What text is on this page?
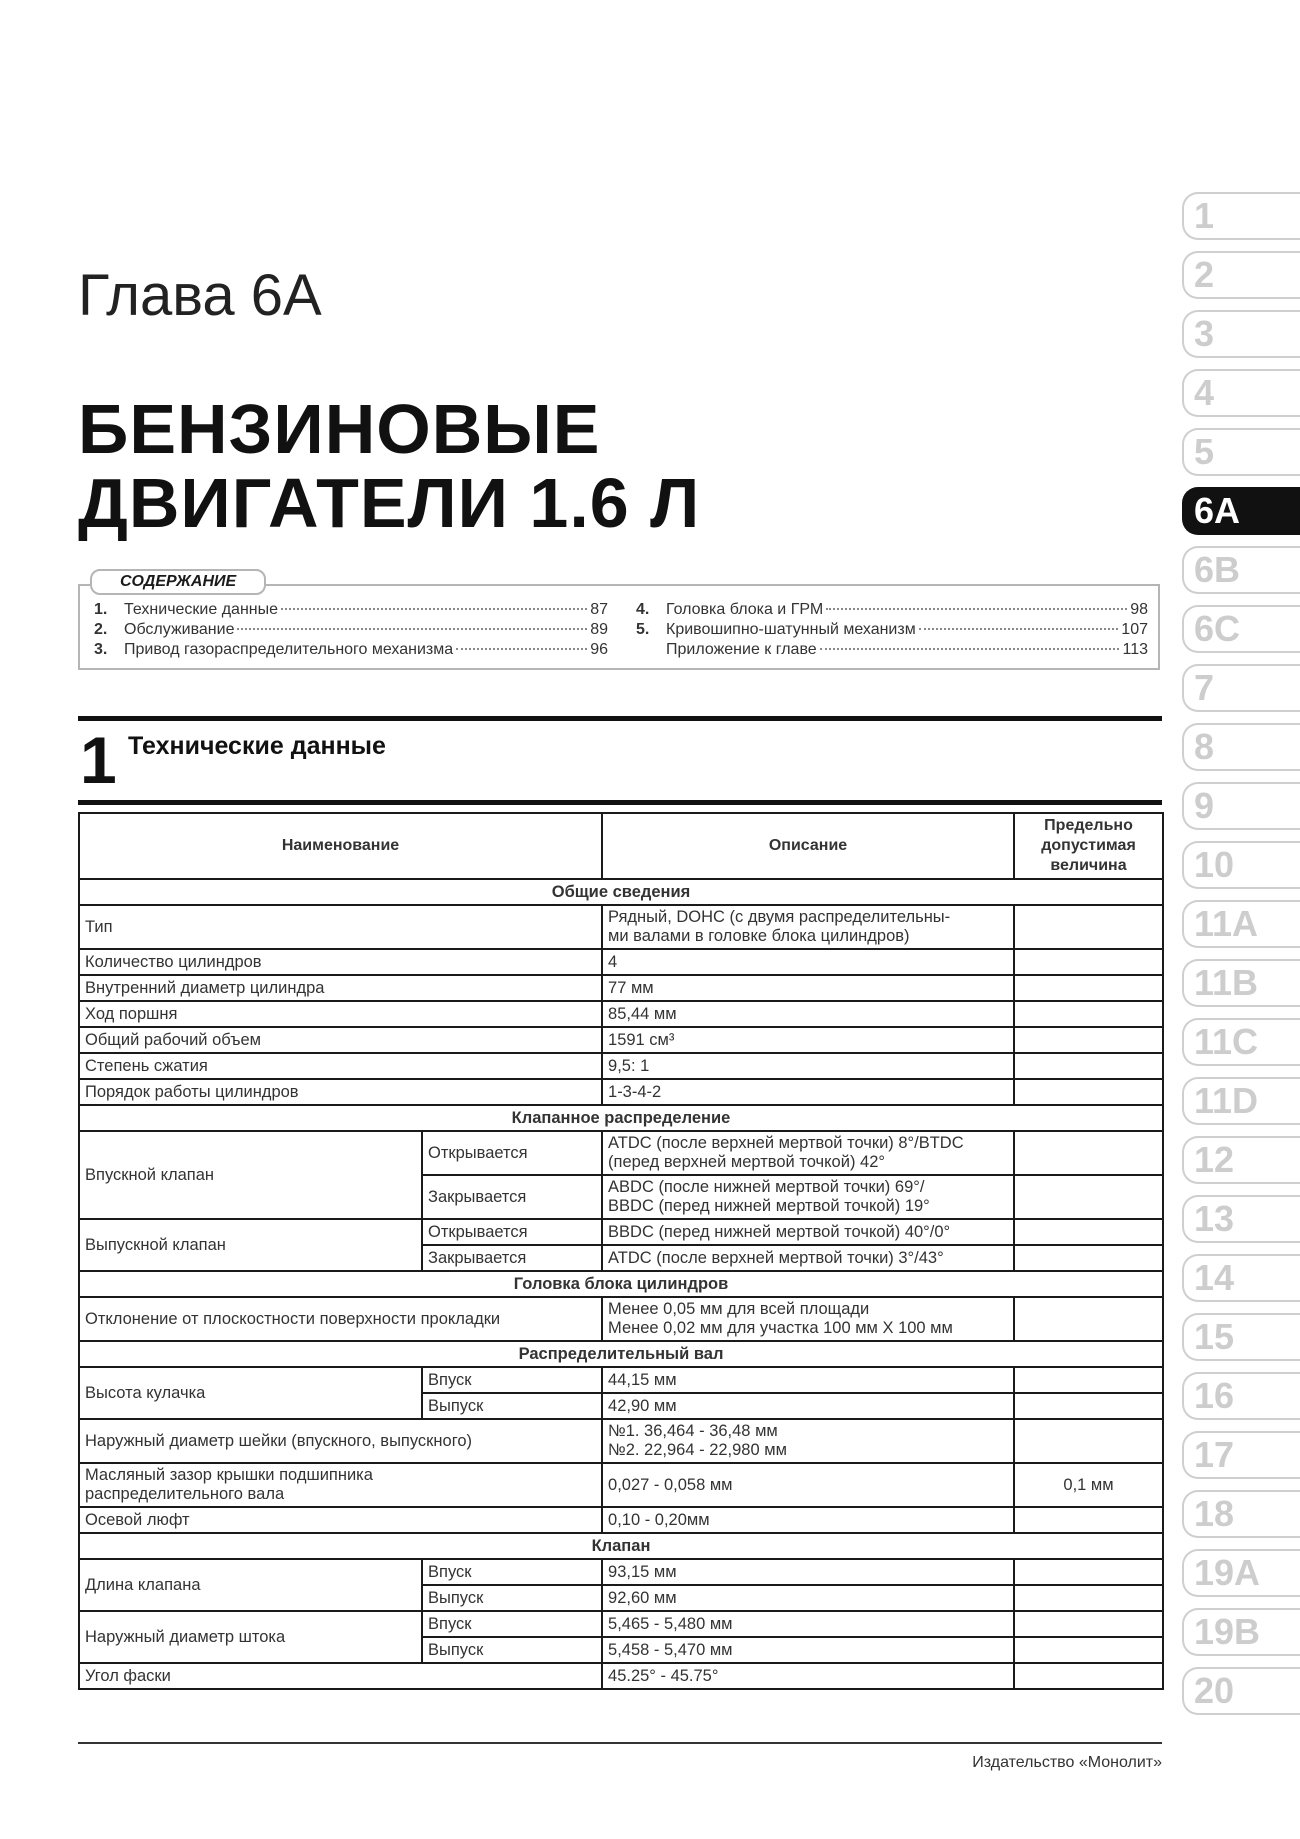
Глава 6А
БЕНЗИНОВЫЕ
ДВИГАТЕЛИ 1.6 Л
СОДЕРЖАНИЕ
1.	Технические данные	87
2.	Обслуживание	89
3.	Привод газораспределительного механизма	96
4.	Головка блока и ГРМ	98
5.	Кривошипно-шатунный механизм	107
Приложение к главе	113
1 Технические данные
Наименование		Описание	Предельно допустимая величина
Общие сведения			
Тип		Рядный, DOHC (с двумя распределительны-
ми валами в головке блока цилиндров)	
Количество цилиндров		4	
Внутренний диаметр цилиндра		77 мм	
Ход поршня		85,44 мм	
Общий рабочий объем		1591 см³	
Степень сжатия		9,5: 1	
Порядок работы цилиндров		1-3-4-2	
Клапанное распределение			
Впускной клапан	Открывается	ATDC (после верхней мертвой точки) 8°/BTDC
(перед верхней мертвой точкой) 42°	
	Закрывается	ABDC (после нижней мертвой точки) 69°/
BBDC (перед нижней мертвой точкой) 19°	
Выпускной клапан	Открывается	BBDC (перед нижней мертвой точкой) 40°/0°	
	Закрывается	ATDC (после верхней мертвой точки) 3°/43°	
Головка блока цилиндров			
Отклонение от плоскостности поверхности прокладки		Менее 0,05 мм для всей площади
Менее 0,02 мм для участка 100 мм Х 100 мм	
Распределительный вал			
Высота кулачка	Впуск	44,15 мм	
	Выпуск	42,90 мм	
Наружный диаметр шейки (впускного, выпускного)		№1. 36,464 - 36,48 мм
№2. 22,964 - 22,980 мм	
Масляный зазор крышки подшипника
распределительного вала		0,027 - 0,058 мм	0,1 мм
Осевой люфт		0,10 - 0,20мм	
Клапан			
Длина клапана	Впуск	93,15 мм	
	Выпуск	92,60 мм	
Наружный диаметр штока	Впуск	5,465 - 5,480 мм	
	Выпуск	5,458 - 5,470 мм	
Угол фаски		45.25° - 45.75°	
1
2
3
4
5
6A
6B
6C
7
8
9
10
11A
11B
11C
11D
12
13
14
15
16
17
18
19A
19B
20
Издательство «Монолит»
